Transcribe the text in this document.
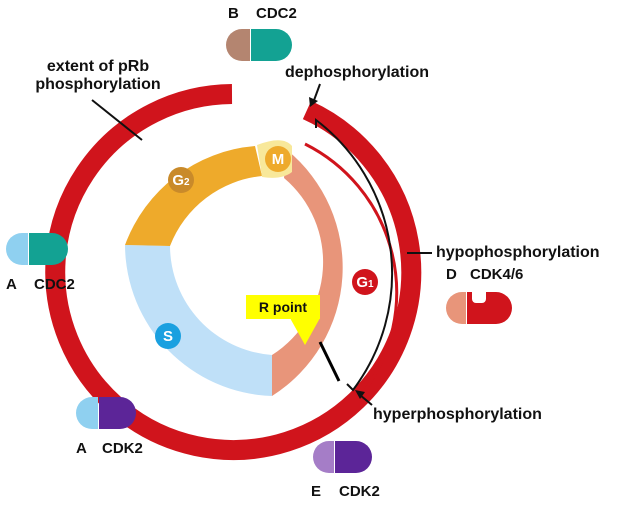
extent of pRb phosphorylation
dephosphorylation
hypophosphorylation
hyperphosphorylation
B CDC2
A CDC2
A CDK2
E CDK2
D CDK4/6
M
$G_2$
$G_1$
S
R point
